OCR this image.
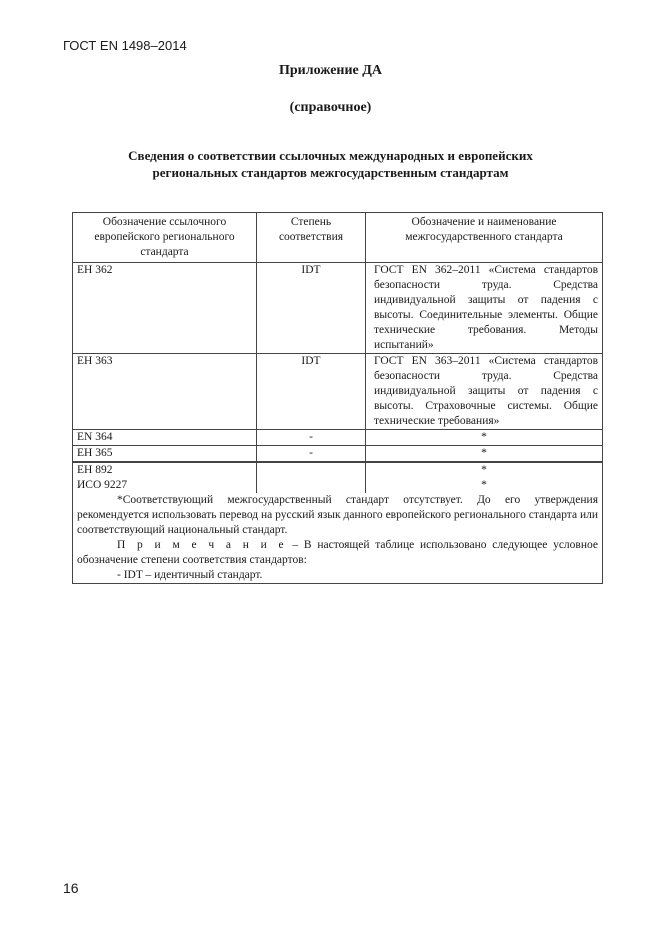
ГОСТ EN 1498–2014
Приложение ДА
(справочное)
Сведения о соответствии ссылочных международных и европейских
региональных стандартов межгосударственным стандартам
Обозначение ссылочного европейского регионального стандарта	Степень соответствия	Обозначение и наименование межгосударственного стандарта
ЕН 362	IDT	ГОСТ EN 362–2011 «Система стандартов безопасности труда. Средства индивидуальной защиты от падения с высоты. Соединительные элементы. Общие технические требования. Методы испытаний»
ЕН 363	IDT	ГОСТ EN 363–2011 «Система стандартов безопасности труда. Средства индивидуальной защиты от падения с высоты. Страховочные системы. Общие технические требования»
EN 364	-	*
ЕН 365	-	*
ЕН 892		*
ИСО 9227		*

*Соответствующий межгосударственный стандарт отсутствует. До его утверждения рекомендуется использовать перевод на русский язык данного европейского регионального стандарта или соответствующий национальный стандарт.

П р и м е ч а н и е – В настоящей таблице использовано следующее условное обозначение степени соответствия стандартов:

- IDT – идентичный стандарт.		

16
